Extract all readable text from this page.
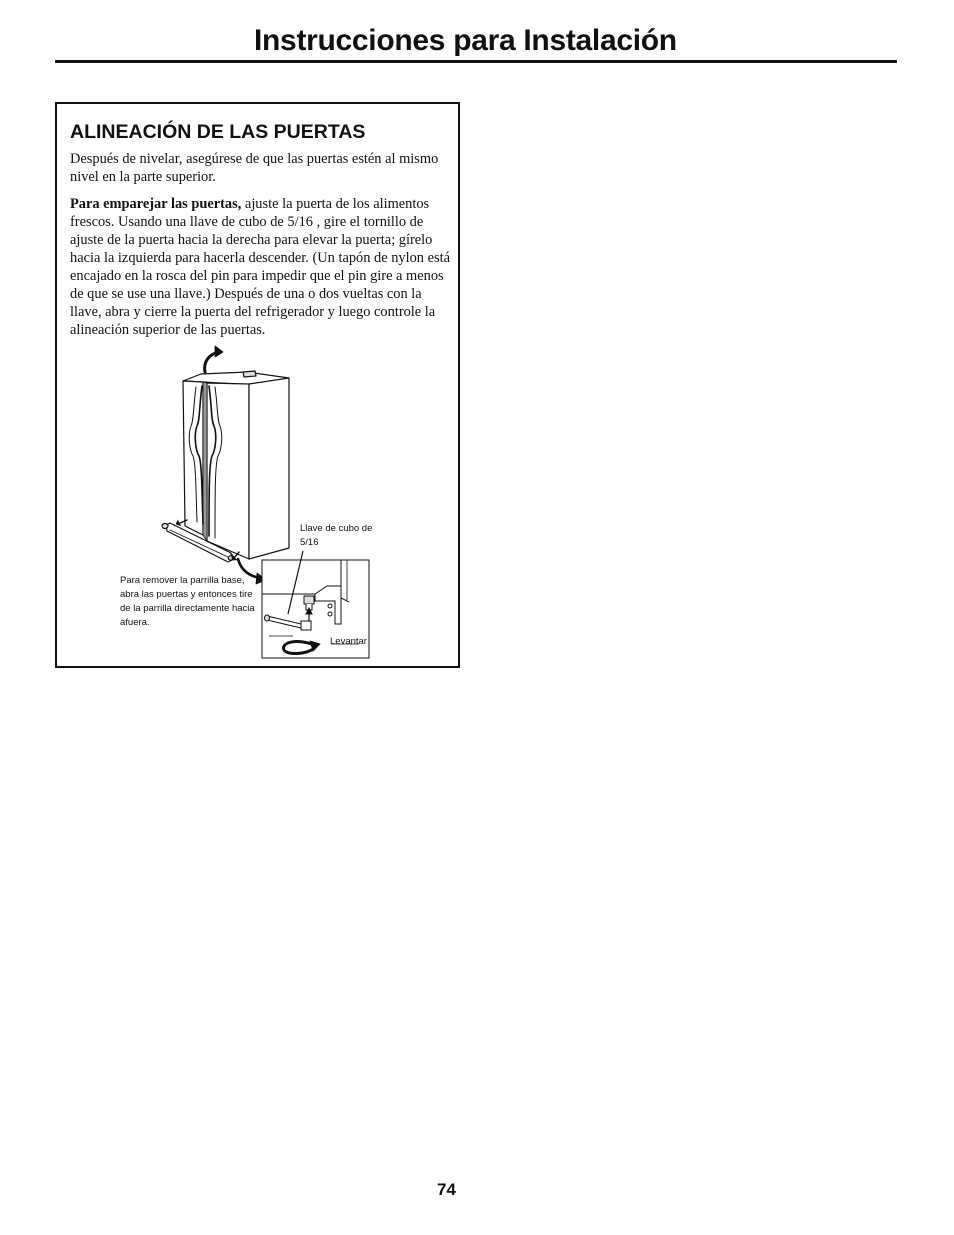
Instrucciones para Instalación
ALINEACIÓN DE LAS PUERTAS

Después de nivelar, asegúrese de que las puertas estén al mismo nivel en la parte superior.

Para emparejar las puertas, ajuste la puerta de los alimentos frescos. Usando una llave de cubo de 5/16 , gire el tornillo de ajuste de la puerta hacia la derecha para elevar la puerta; gírelo hacia la izquierda para hacerla descender. (Un tapón de nylon está encajado en la rosca del pin para impedir que el pin gire a menos de que se use una llave.) Después de una o dos vueltas con la llave, abra y cierre la puerta del refrigerador y luego controle la alineación superior de las puertas.

Llave de cubo de 5/16

Para remover la parrilla base, abra las puertas y entonces tire de la parrilla directamente hacia afuera.

Levantar

74
